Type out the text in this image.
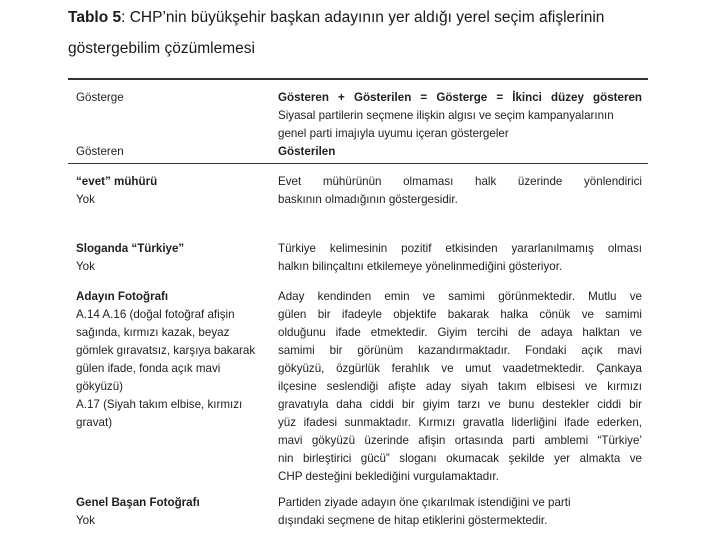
Tablo 5: CHP’nin büyükşehir başkan adayının yer aldığı yerel seçim afişlerinin
göstergebilim çözümlemesi
Gösterge	Gösteren + Gösterilen = Gösterge = İkinci düzey gösteren
Siyasal partilerin seçmene ilişkin algısı ve seçim kampanyalarının
genel parti imajıyla uyumu içeran göstergeler
Gösteren	Gösterilen
“evet” mühürü
Yok
Evet mühürünün olmaması halk üzerinde yönlendirici
baskının olmadığının göstergesidir.
Sloganda “Türkiye”
Yok
Türkiye kelimesinin pozitif etkisinden yararlanılmamış olması
halkın bilinçaltını etkilemeye yönelinmediğini gösteriyor.
Adayın Fotoğrafı
A.14 A.16 (doğal fotoğraf afişin
sağında, kırmızı kazak, beyaz
gömlek gıravatsız, karşıya bakarak
gülen ifade, fonda açık mavi
gökyüzü)
A.17 (Siyah takım elbise, kırmızı
gravat)
Aday kendinden emin ve samimi görünmektedir. Mutlu ve
gülen bir ifadeyle objektife bakarak halka cönük ve samimi
olduğunu ifade etmektedir. Giyim tercihi de adaya halktan ve
samimi bir görünüm kazandırmaktadır. Fondaki açık mavi
gökyüzü, özgürlük ferahlık ve umut vaadetmektedir. Çankaya
ilçesine seslendiği afişte aday siyah takım elbisesi ve kırmızı
gravatıyla daha ciddi bir giyim tarzı ve bunu destekler ciddi bir
yüz ifadesi sunmaktadır. Kırmızı gravatla liderliğini ifade ederken,
mavi gökyüzü üzerinde afişin ortasında parti amblemi “Türkiye’
nin birleştirici gücü” sloganı okumacak şekilde yer almakta ve
CHP desteğini beklediğini vurgulamaktadır.
Genel Başan Fotoğrafı
Yok
Partiden ziyade adayın öne çıkarılmak istendiğini ve parti
dışındaki seçmene de hitap etiklerini göstermektedir.
